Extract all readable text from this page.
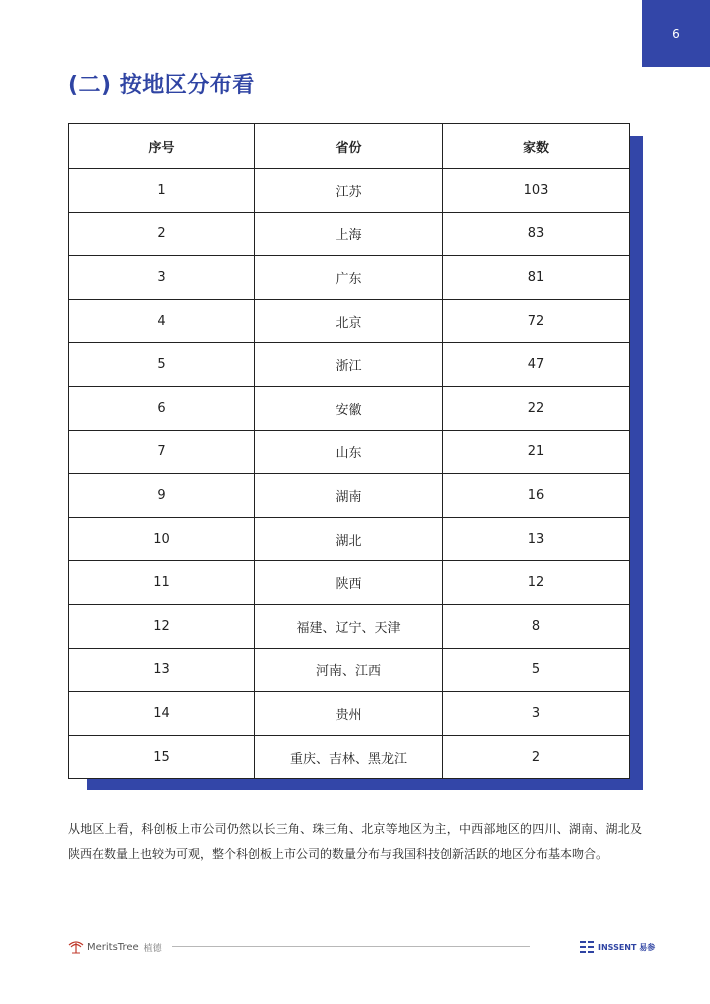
6
(二) 按地区分布看
序号	省份	家数
1	江苏	103
2	上海	83
3	广东	81
4	北京	72
5	浙江	47
6	安徽	22
7	山东	21
9	湖南	16
10	湖北	13
11	陕西	12
12	福建、辽宁、天津	8
13	河南、江西	5
14	贵州	3
15	重庆、吉林、黑龙江	2

从地区上看，科创板上市公司仍然以长三角、珠三角、北京等地区为主，中西部地区的四川、湖南、湖北及陕西在数量上也较为可观，整个科创板上市公司的数量分布与我国科技创新活跃的地区分布基本吻合。

MeritsTree 植德	INSSENT 易参
